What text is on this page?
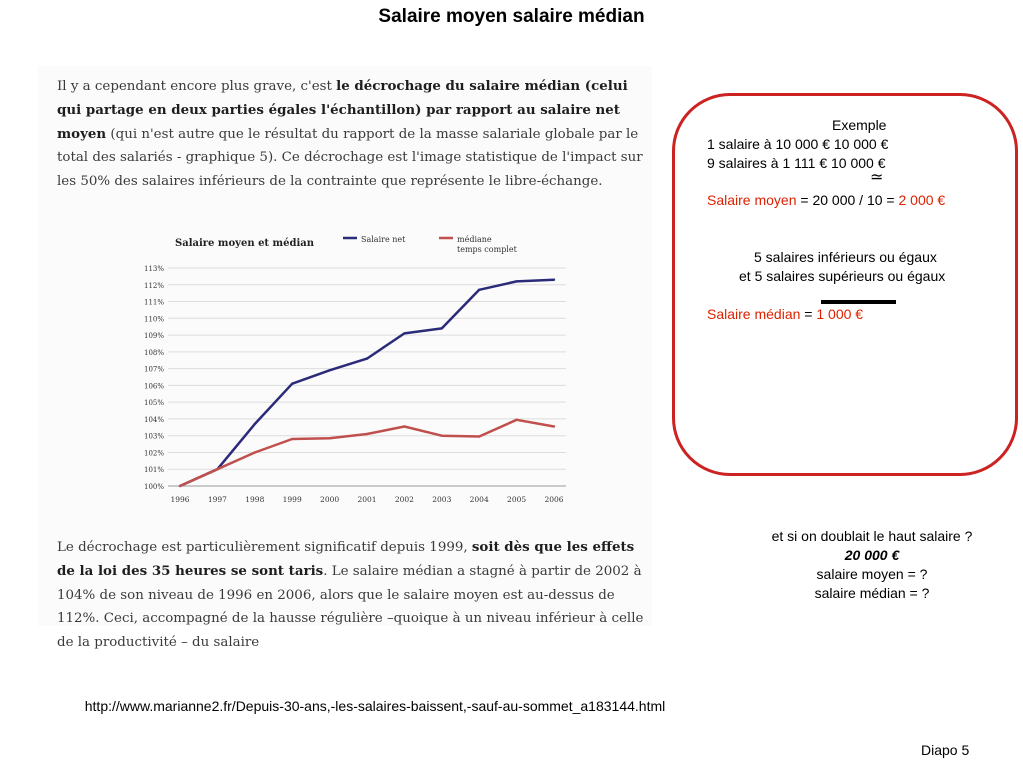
Salaire moyen salaire médian
Il y a cependant encore plus grave, c'est le décrochage du salaire médian (celui qui partage en deux parties égales l'échantillon) par rapport au salaire net moyen (qui n'est autre que le résultat du rapport de la masse salariale globale par le total des salariés - graphique 5). Ce décrochage est l'image statistique de l'impact sur les 50% des salaires inférieurs de la contrainte que représente le libre-échange.
100%
101%
102%
103%
104%
105%
106%
107%
108%
109%
110%
111%
112%
113%
1996 1997 1998 1999 2000 2001 2002 2003 2004 2005 2006
Salaire net	médiane
temps complet
Salaire moyen et médian
Le décrochage est particulièrement significatif depuis 1999, soit dès que les effets de la loi des 35 heures se sont taris. Le salaire médian a stagné à partir de 2002 à 104% de son niveau de 1996 en 2006, alors que le salaire moyen est au-dessus de 112%. Ceci, accompagné de la hausse régulière –quoique à un niveau inférieur à celle de la productivité – du salaire
Exemple
1 salaire à 10 000 € 10 000 €
9 salaires à 1 111 € 10 000 €
≃
Salaire moyen = 20 000 / 10 = 2 000 €
5 salaires inférieurs ou égaux
et 5 salaires supérieurs ou égaux
Salaire médian = 1 000 €
et si on doublait le haut salaire ?
20 000 €
salaire moyen = ?
salaire médian = ?
http://www.marianne2.fr/Depuis-30-ans,-les-salaires-baissent,-sauf-au-sommet_a183144.html
Diapo 5
